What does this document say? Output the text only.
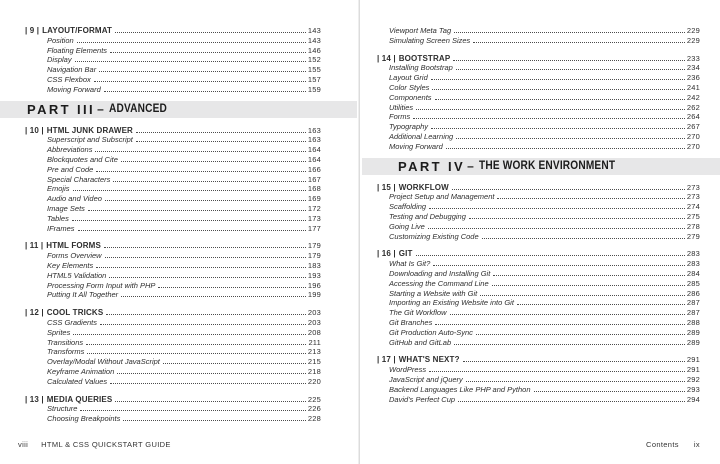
| 9 | LAYOUT/FORMAT	143
Position	143
Floating Elements	146
Display	152
Navigation Bar	155
CSS Flexbox	157
Moving Forward	159
PART III – ADVANCED
| 10 | HTML JUNK DRAWER	163
Superscript and Subscript	163
Abbreviations	164
Blockquotes and Cite	164
Pre and Code	166
Special Characters	167
Emojis	168
Audio and Video	169
Image Sets	172
Tables	173
IFrames	177
| 11 | HTML FORMS	179
Forms Overview	179
Key Elements	183
HTML5 Validation	193
Processing Form Input with PHP	196
Putting It All Together	199
| 12 | COOL TRICKS	203
CSS Gradients	203
Sprites	208
Transitions	211
Transforms	213
Overlay/Modal Without JavaScript	215
Keyframe Animation	218
Calculated Values	220
| 13 | MEDIA QUERIES	225
Structure	226
Choosing Breakpoints	228
viii HTML & CSS QUICKSTART GUIDE
Viewport Meta Tag	229
Simulating Screen Sizes	229
| 14 | BOOTSTRAP	233
Installing Bootstrap	234
Layout Grid	236
Color Styles	241
Components	242
Utilities	262
Forms	264
Typography	267
Additional Learning	270
Moving Forward	270
PART IV – THE WORK ENVIRONMENT
| 15 | WORKFLOW	273
Project Setup and Management	273
Scaffolding	274
Testing and Debugging	275
Going Live	278
Customizing Existing Code	279
| 16 | GIT	283
What Is Git?	283
Downloading and Installing Git	284
Accessing the Command Line	285
Starting a Website with Git	286
Importing an Existing Website into Git	287
The Git Workflow	287
Git Branches	288
Git Production Auto-Sync	289
GitHub and GitLab	289
| 17 | WHAT'S NEXT?	291
WordPress	291
JavaScript and jQuery	292
Backend Languages Like PHP and Python	293
David's Perfect Cup	294
Contents ix
